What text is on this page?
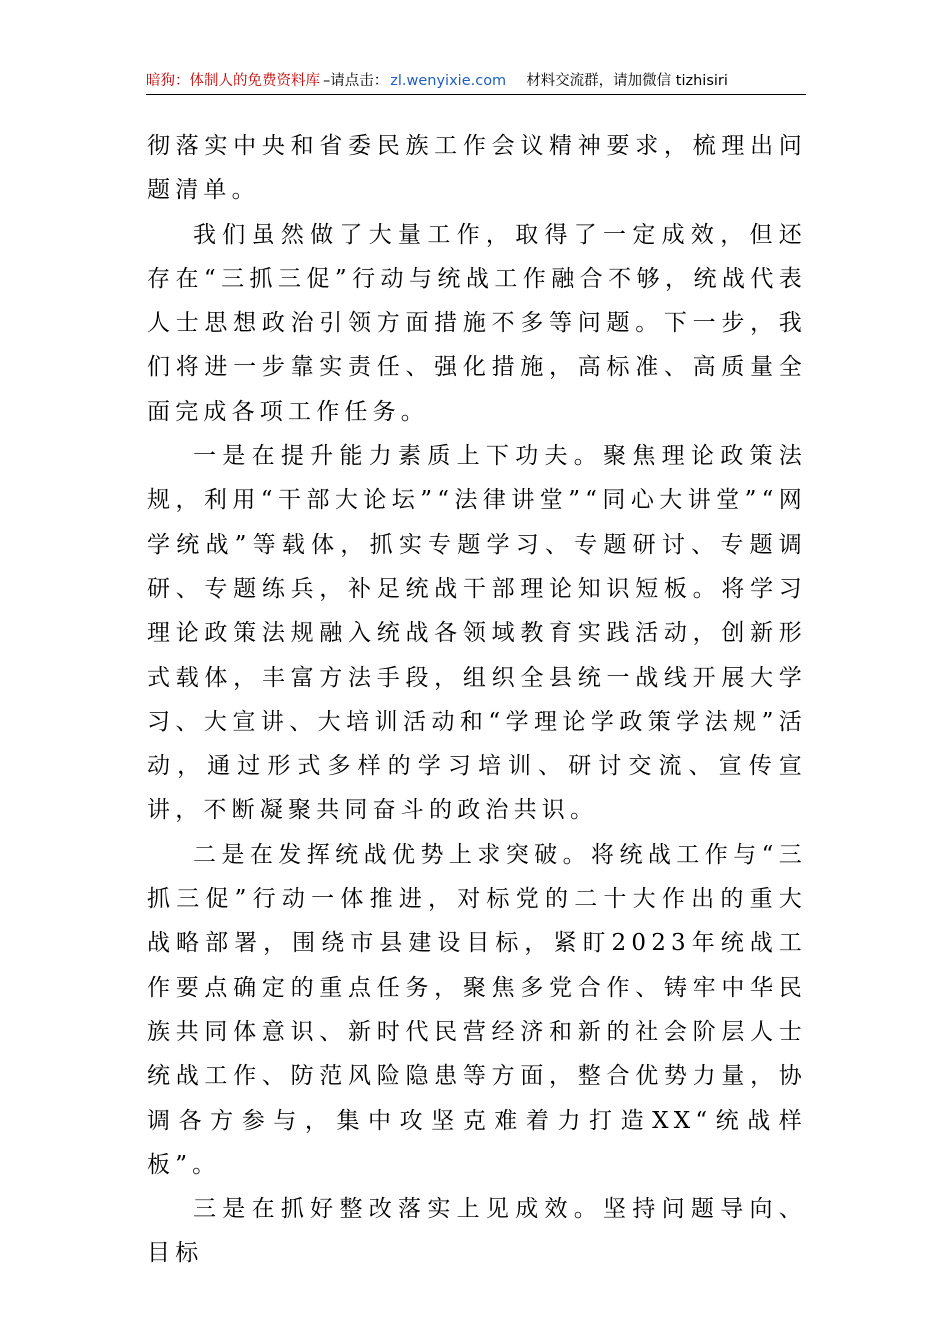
暗狗：体制人的免费资料库 –请点击： zl.wenyixie.com 材料交流群，请加微信 tizhisiri

彻落实中央和省委民族工作会议精神要求，梳理出问题清单。

我们虽然做了大量工作，取得了一定成效，但还存在“三抓三促”行动与统战工作融合不够，统战代表人士思想政治引领方面措施不多等问题。下一步，我们将进一步靠实责任、强化措施，高标准、高质量全面完成各项工作任务。

一是在提升能力素质上下功夫。聚焦理论政策法规，利用“干部大论坛”“法律讲堂”“同心大讲堂”“网学统战”等载体，抓实专题学习、专题研讨、专题调研、专题练兵，补足统战干部理论知识短板。将学习理论政策法规融入统战各领域教育实践活动，创新形式载体，丰富方法手段，组织全县统一战线开展大学习、大宣讲、大培训活动和“学理论学政策学法规”活动，通过形式多样的学习培训、研讨交流、宣传宣讲，不断凝聚共同奋斗的政治共识。

二是在发挥统战优势上求突破。将统战工作与“三抓三促”行动一体推进，对标党的二十大作出的重大战略部署，围绕市县建设目标，紧盯2023年统战工作要点确定的重点任务，聚焦多党合作、铸牢中华民族共同体意识、新时代民营经济和新的社会阶层人士统战工作、防范风险隐患等方面，整合优势力量，协调各方参与，集中攻坚克难着力打造XX“统战样板”。

三是在抓好整改落实上见成效。坚持问题导向、目标
